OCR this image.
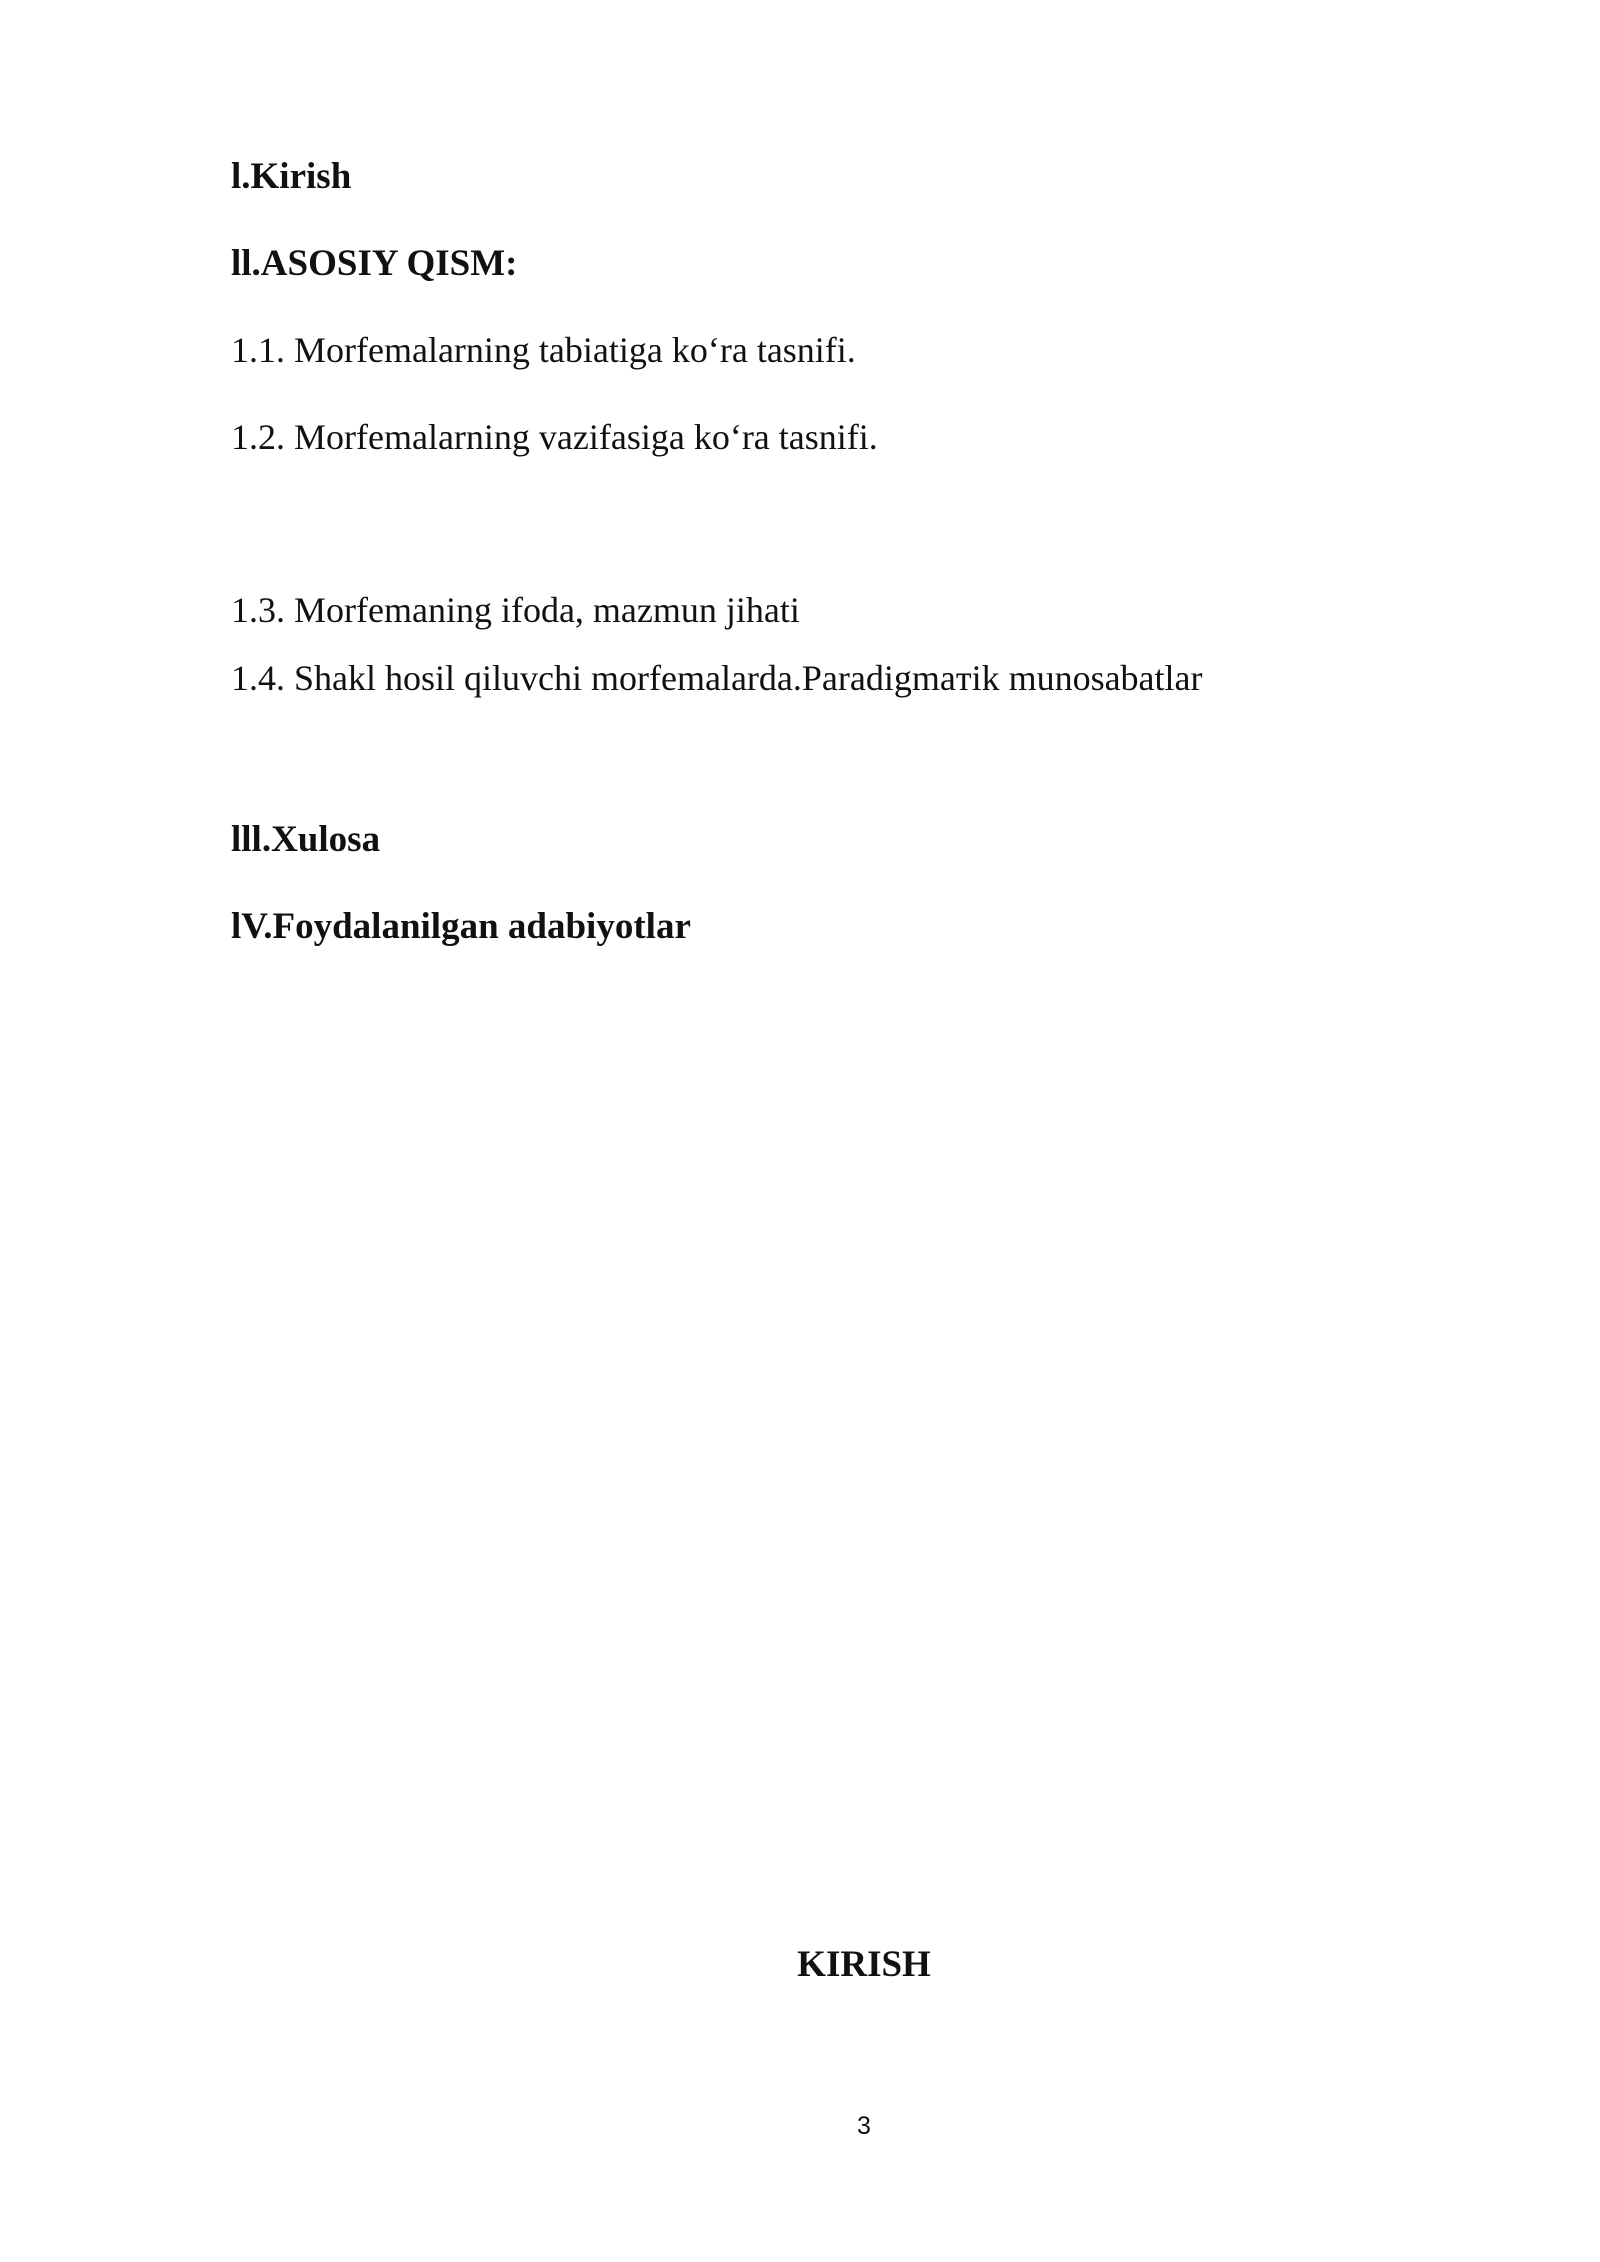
l.Kirish
ll.ASOSIY QISM:
1.1. Morfemalarning tabiatiga ko‘ra tasnifi.
1.2. Morfemalarning vazifasiga ko‘ra tasnifi.
1.3. Morfemaning ifoda, mazmun jihati
1.4. Shakl hosil qiluvchi morfemalarda.Paradigmaтik munosabatlar
lll.Xulosa
lV.Foydalanilgan adabiyotlar
KIRISH
3
